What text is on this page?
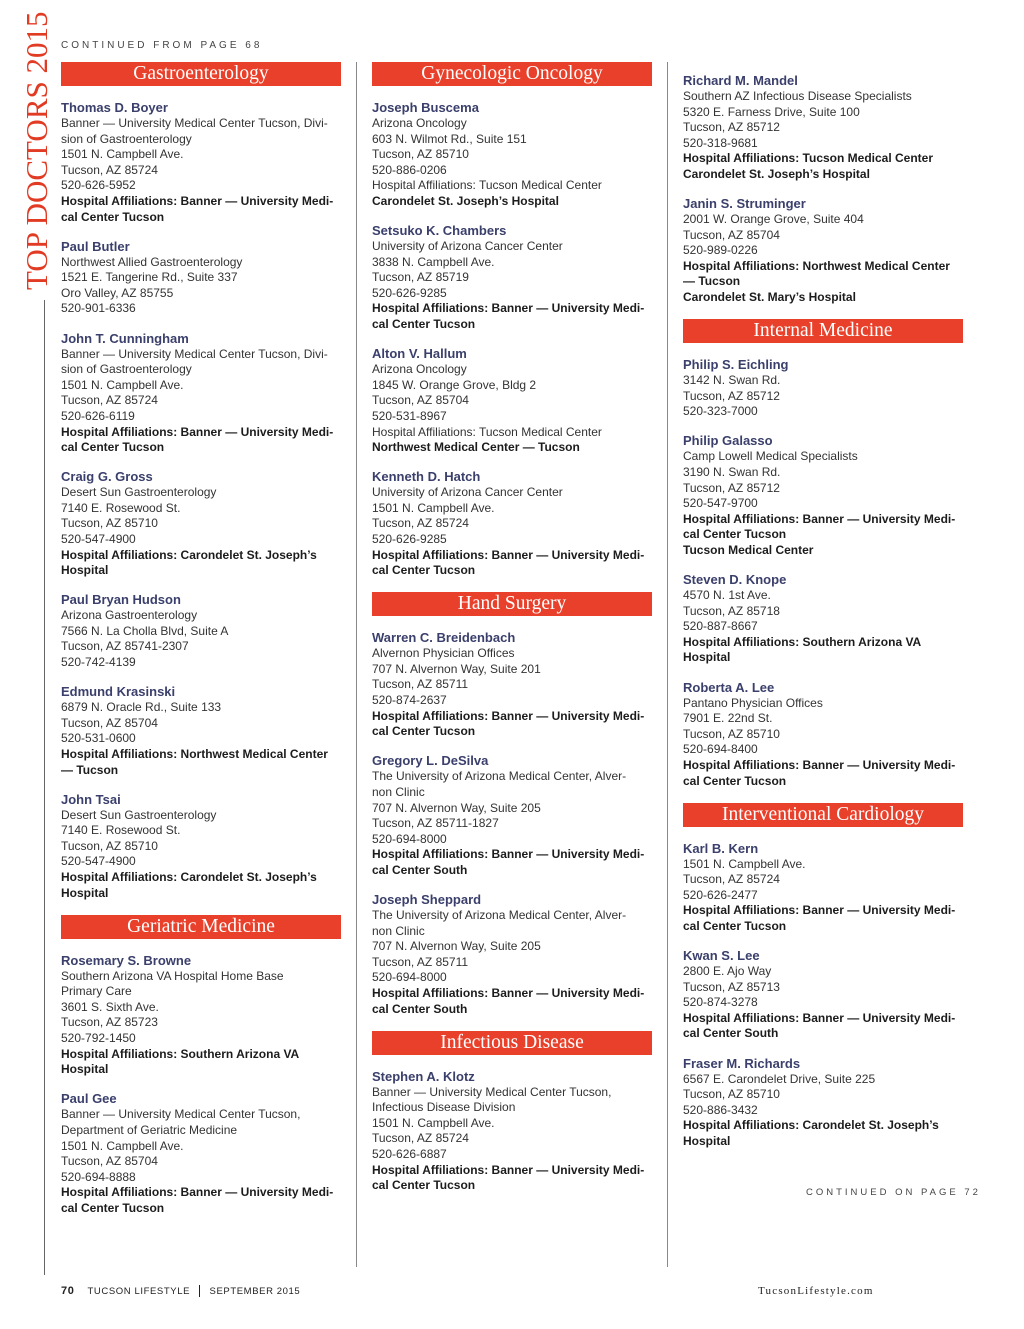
TOP DOCTORS 2015 CONTINUED FROM PAGE 68
Gastroenterology
Thomas D. Boyer
Banner — University Medical Center Tucson, Divi-
sion of Gastroenterology
1501 N. Campbell Ave.
Tucson, AZ 85724
520-626-5952
Hospital Affiliations: Banner — University Medi-
cal Center Tucson
Paul Butler
Northwest Allied Gastroenterology
1521 E. Tangerine Rd., Suite 337
Oro Valley, AZ 85755
520-901-6336
John T. Cunningham
Banner — University Medical Center Tucson, Divi-
sion of Gastroenterology
1501 N. Campbell Ave.
Tucson, AZ 85724
520-626-6119
Hospital Affiliations: Banner — University Medi-
cal Center Tucson
Craig G. Gross
Desert Sun Gastroenterology
7140 E. Rosewood St.
Tucson, AZ 85710
520-547-4900
Hospital Affiliations: Carondelet St. Joseph’s
Hospital
Paul Bryan Hudson
Arizona Gastroenterology
7566 N. La Cholla Blvd, Suite A
Tucson, AZ 85741-2307
520-742-4139
Edmund Krasinski
6879 N. Oracle Rd., Suite 133
Tucson, AZ 85704
520-531-0600
Hospital Affiliations: Northwest Medical Center
— Tucson
John Tsai
Desert Sun Gastroenterology
7140 E. Rosewood St.
Tucson, AZ 85710
520-547-4900
Hospital Affiliations: Carondelet St. Joseph’s
Hospital
Geriatric Medicine
Rosemary S. Browne
Southern Arizona VA Hospital Home Base
Primary Care
3601 S. Sixth Ave.
Tucson, AZ 85723
520-792-1450
Hospital Affiliations: Southern Arizona VA
Hospital
Paul Gee
Banner — University Medical Center Tucson,
Department of Geriatric Medicine
1501 N. Campbell Ave.
Tucson, AZ 85704
520-694-8888
Hospital Affiliations: Banner — University Medi-
cal Center Tucson
Gynecologic Oncology
Joseph Buscema
Arizona Oncology
603 N. Wilmot Rd., Suite 151
Tucson, AZ 85710
520-886-0206
Hospital Affiliations: Tucson Medical Center
Carondelet St. Joseph’s Hospital
Setsuko K. Chambers
University of Arizona Cancer Center
3838 N. Campbell Ave.
Tucson, AZ 85719
520-626-9285
Hospital Affiliations: Banner — University Medi-
cal Center Tucson
Alton V. Hallum
Arizona Oncology
1845 W. Orange Grove, Bldg 2
Tucson, AZ 85704
520-531-8967
Hospital Affiliations: Tucson Medical Center
Northwest Medical Center — Tucson
Kenneth D. Hatch
University of Arizona Cancer Center
1501 N. Campbell Ave.
Tucson, AZ 85724
520-626-9285
Hospital Affiliations: Banner — University Medi-
cal Center Tucson
Hand Surgery
Warren C. Breidenbach
Alvernon Physician Offices
707 N. Alvernon Way, Suite 201
Tucson, AZ 85711
520-874-2637
Hospital Affiliations: Banner — University Medi-
cal Center Tucson
Gregory L. DeSilva
The University of Arizona Medical Center, Alver-
non Clinic
707 N. Alvernon Way, Suite 205
Tucson, AZ 85711-1827
520-694-8000
Hospital Affiliations: Banner — University Medi-
cal Center South
Joseph Sheppard
The University of Arizona Medical Center, Alver-
non Clinic
707 N. Alvernon Way, Suite 205
Tucson, AZ 85711
520-694-8000
Hospital Affiliations: Banner — University Medi-
cal Center South
Infectious Disease
Stephen A. Klotz
Banner — University Medical Center Tucson,
Infectious Disease Division
1501 N. Campbell Ave.
Tucson, AZ 85724
520-626-6887
Hospital Affiliations: Banner — University Medi-
cal Center Tucson
Richard M. Mandel
Southern AZ Infectious Disease Specialists
5320 E. Farness Drive, Suite 100
Tucson, AZ 85712
520-318-9681
Hospital Affiliations: Tucson Medical Center
Carondelet St. Joseph’s Hospital
Janin S. Struminger
2001 W. Orange Grove, Suite 404
Tucson, AZ 85704
520-989-0226
Hospital Affiliations: Northwest Medical Center
— Tucson
Carondelet St. Mary’s Hospital
Internal Medicine
Philip S. Eichling
3142 N. Swan Rd.
Tucson, AZ 85712
520-323-7000
Philip Galasso
Camp Lowell Medical Specialists
3190 N. Swan Rd.
Tucson, AZ 85712
520-547-9700
Hospital Affiliations: Banner — University Medi-
cal Center Tucson
Tucson Medical Center
Steven D. Knope
4570 N. 1st Ave.
Tucson, AZ 85718
520-887-8667
Hospital Affiliations: Southern Arizona VA
Hospital
Roberta A. Lee
Pantano Physician Offices
7901 E. 22nd St.
Tucson, AZ 85710
520-694-8400
Hospital Affiliations: Banner — University Medi-
cal Center Tucson
Interventional Cardiology
Karl B. Kern
1501 N. Campbell Ave.
Tucson, AZ 85724
520-626-2477
Hospital Affiliations: Banner — University Medi-
cal Center Tucson
Kwan S. Lee
2800 E. Ajo Way
Tucson, AZ 85713
520-874-3278
Hospital Affiliations: Banner — University Medi-
cal Center South
Fraser M. Richards
6567 E. Carondelet Drive, Suite 225
Tucson, AZ 85710
520-886-3432
Hospital Affiliations: Carondelet St. Joseph’s
Hospital
CONTINUED ON PAGE 72
70 TUCSON LIFESTYLE SEPTEMBER 2015	TucsonLifestyle.com
